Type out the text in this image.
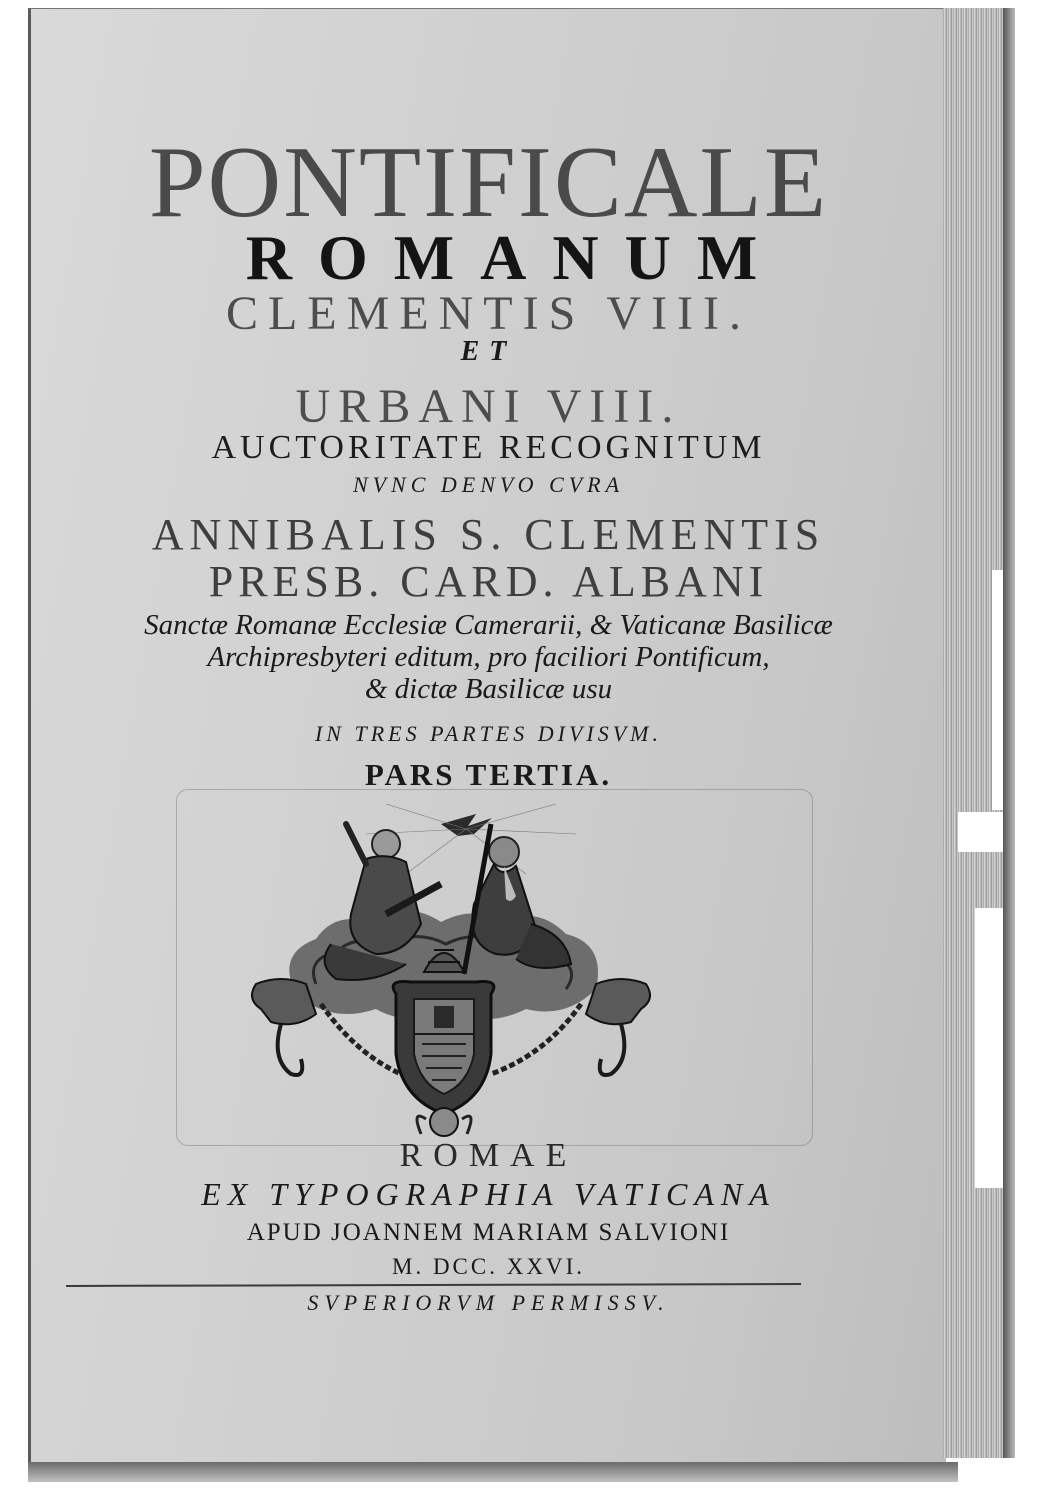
PONTIFICALE
ROMANUM
CLEMENTIS VIII.
ET
URBANI VIII.
AUCTORITATE RECOGNITUM
NVNC DENVO CVRA
ANNIBALIS S. CLEMENTIS
PRESB. CARD. ALBANI
Sanctæ Romanæ Ecclesiæ Camerarii, & Vaticanæ Basilicæ
Archipresbyteri editum, pro faciliori Pontificum,
& dictæ Basilicæ usu
IN TRES PARTES DIVISVM.
PARS TERTIA.
ROMAE
EX TYPOGRAPHIA VATICANA
APUD JOANNEM MARIAM SALVIONI
M. DCC. XXVI.
SVPERIORVM PERMISSV.
